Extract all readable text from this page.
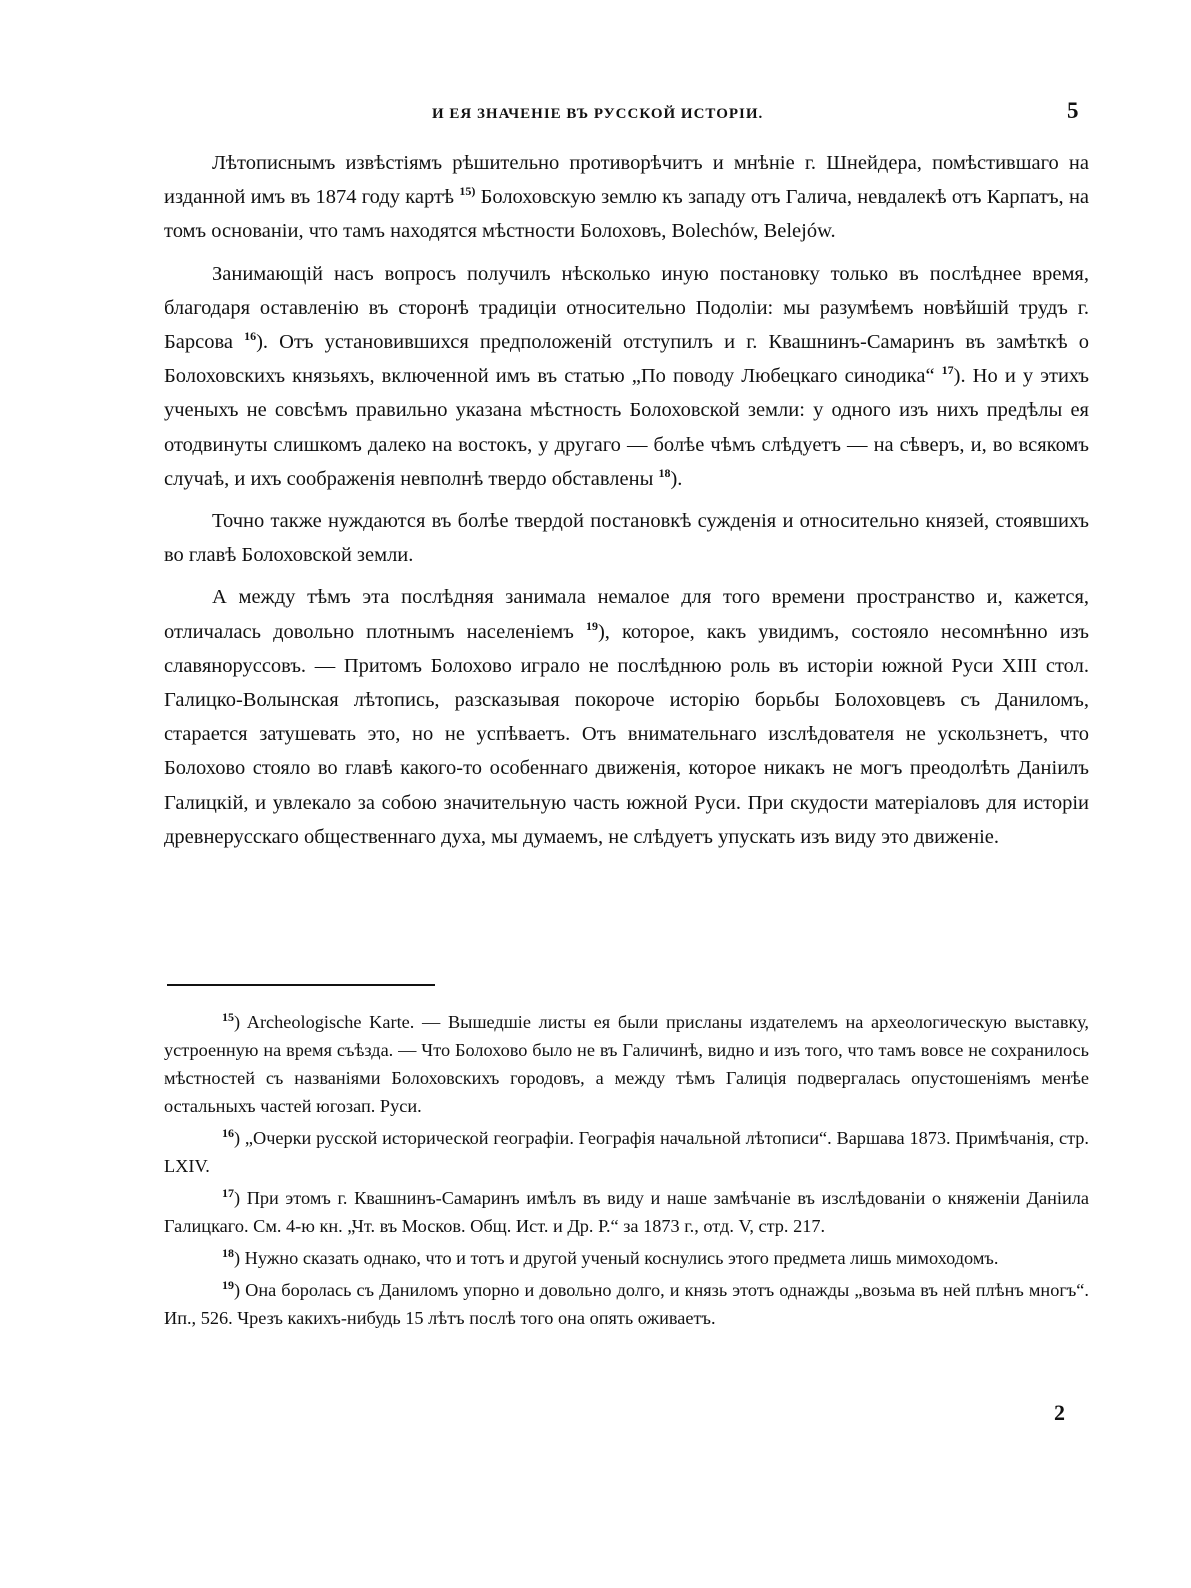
И ЕЯ ЗНАЧЕНІЕ ВЪ РУССКОЙ ИСТОРІИ.	5

Лѣтописнымъ извѣстіямъ рѣшительно противорѣчитъ и мнѣніе г. Шнейдера, помѣстившаго на изданной имъ въ 1874 году картѣ $^{15)}$ Болоховскую землю къ западу отъ Галича, невдалекѣ отъ Карпатъ, на томъ основаніи, что тамъ находятся мѣстности Болоховъ, Bolechów, Belejów.

Занимающій насъ вопросъ получилъ нѣсколько иную постановку только въ послѣднее время, благодаря оставленію въ сторонѣ традиціи относительно Подоліи: мы разумѣемъ новѣйшій трудъ г. Барсова $^{16}$). Отъ установившихся предположеній отступилъ и г. Квашнинъ-Самаринъ въ замѣткѣ о Болоховскихъ князьяхъ, включенной имъ въ статью „По поводу Любецкаго синодика“ $^{17}$). Но и у этихъ ученыхъ не совсѣмъ правильно указана мѣстность Болоховской земли: у одного изъ нихъ предѣлы ея отодвинуты слишкомъ далеко на востокъ, у другаго — болѣе чѣмъ слѣдуетъ — на сѣверъ, и, во всякомъ случаѣ, и ихъ соображенія невполнѣ твердо обставлены $^{18}$).

Точно также нуждаются въ болѣе твердой постановкѣ сужденія и относительно князей, стоявшихъ во главѣ Болоховской земли.

А между тѣмъ эта послѣдняя занимала немалое для того времени пространство и, кажется, отличалась довольно плотнымъ населеніемъ $^{19}$), которое, какъ увидимъ, состояло несомнѣнно изъ славянорусcовъ. — Притомъ Болохово играло не послѣднюю роль въ исторіи южной Руси XIII стол. Галицко-Волынская лѣтопись, разсказывая покороче исторію борьбы Болоховцевъ съ Даниломъ, старается затушевать это, но не успѣваетъ. Отъ внимательнаго изслѣдователя не ускользнетъ, что Болохово стояло во главѣ какого-то особеннаго движенія, которое никакъ не могъ преодолѣть Даніилъ Галицкій, и увлекало за собою значительную часть южной Руси. При скудости матеріаловъ для исторіи древнерусскаго общественнаго духа, мы думаемъ, не слѣдуетъ упускать изъ виду это движеніе.

$^{15}$) Archeologische Karte. — Вышедшіе листы ея были присланы издателемъ на археологическую выставку, устроенную на время съѣзда. — Что Болохово было не въ Галичинѣ, видно и изъ того, что тамъ вовсе не сохранилось мѣстностей съ названіями Болоховскихъ городовъ, а между тѣмъ Галиція подвергалась опустошеніямъ менѣе остальныхъ частей югозап. Руси.

$^{16}$) „Очерки русской исторической географіи. Географія начальной лѣтописи“. Варшава 1873. Примѣчанія, стр. LXIV.

$^{17}$) При этомъ г. Квашнинъ-Самаринъ имѣлъ въ виду и наше замѣчаніе въ изслѣдованіи о княженіи Даніила Галицкаго. См. 4-ю кн. „Чт. въ Москов. Общ. Ист. и Др. Р.“ за 1873 г., отд. V, стр. 217.

$^{18}$) Нужно сказать однако, что и тотъ и другой ученый коснулись этого предмета лишь мимоходомъ.

$^{19}$) Она боролась съ Даниломъ упорно и довольно долго, и князь этотъ однажды „возьма въ ней плѣнъ многъ“. Ип., 526. Чрезъ какихъ-нибудь 15 лѣтъ послѣ того она опять оживаетъ.

2
